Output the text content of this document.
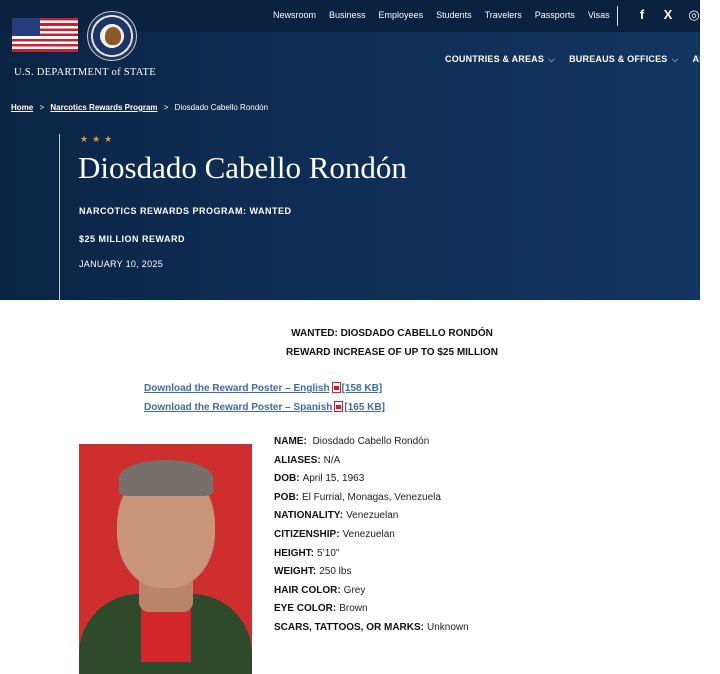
Newsroom Business Employees Students Travelers Passports Visas	f	X ◎
U.S. DEPARTMENT of STATE
COUNTRIES & AREAS ⌵ BUREAUS & OFFICES ⌵ AB
Home > Narcotics Rewards Program > Diosdado Cabello Rondón
★★★
Diosdado Cabello Rondón
NARCOTICS REWARDS PROGRAM: WANTED
$25 MILLION REWARD
JANUARY 10, 2025
WANTED: DIOSDADO CABELLO RONDÓN
REWARD INCREASE OF UP TO $25 MILLION
Download the Reward Poster – English [158 KB]
Download the Reward Poster – Spanish [165 KB]
NAME: Diosdado Cabello Rondón
ALIASES: N/A
DOB: April 15, 1963
POB: El Furrial, Monagas, Venezuela
NATIONALITY: Venezuelan
CITIZENSHIP: Venezuelan
HEIGHT: 5’10”
WEIGHT: 250 lbs
HAIR COLOR: Grey
EYE COLOR: Brown
SCARS, TATTOOS, OR MARKS: Unknown
